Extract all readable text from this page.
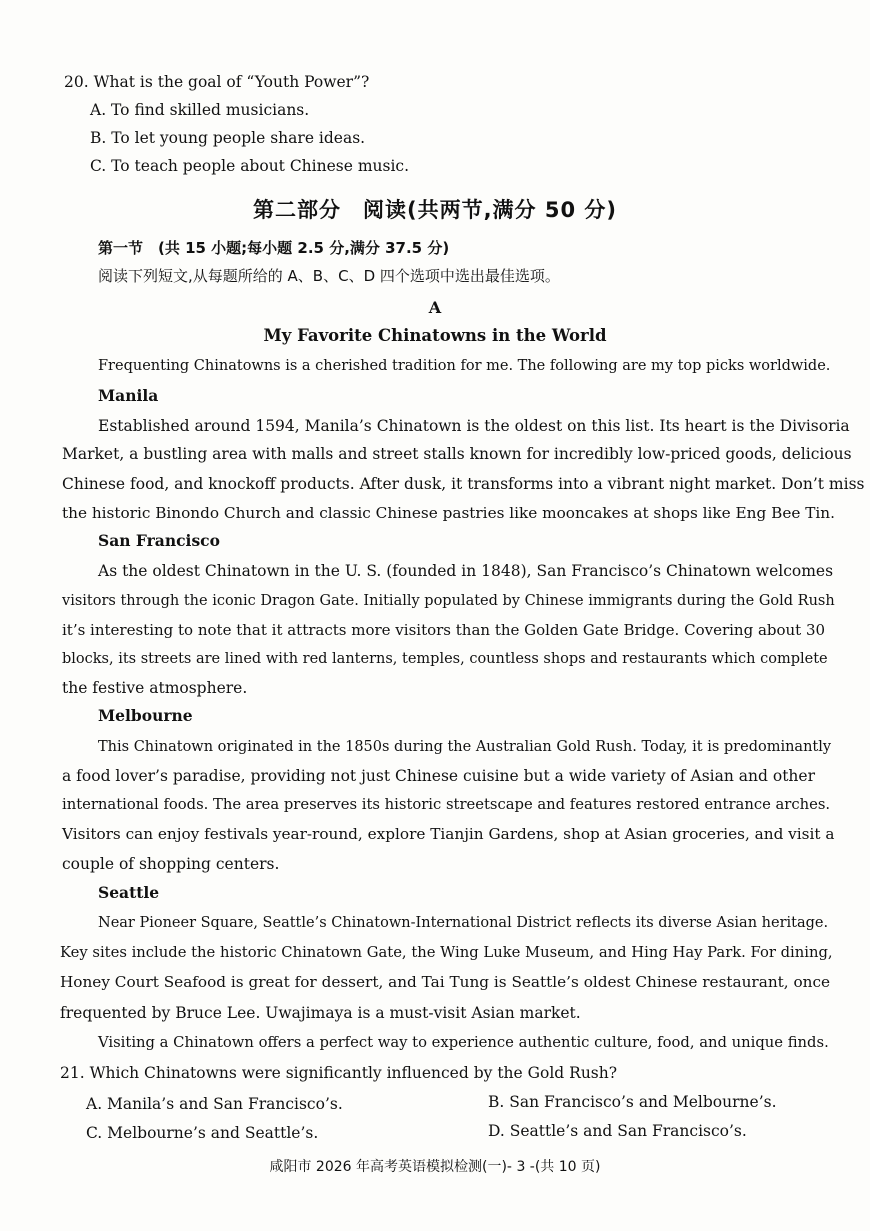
20. What is the goal of “Youth Power”?
A. To find skilled musicians.
B. To let young people share ideas.
C. To teach people about Chinese music.
第二部分　阅读(共两节,满分 50 分)
第一节　(共 15 小题;每小题 2.5 分,满分 37.5 分)
阅读下列短文,从每题所给的 A、B、C、D 四个选项中选出最佳选项。
A
My Favorite Chinatowns in the World
Frequenting Chinatowns is a cherished tradition for me. The following are my top picks worldwide.
Manila
Established around 1594, Manila’s Chinatown is the oldest on this list. Its heart is the Divisoria
Market, a bustling area with malls and street stalls known for incredibly low-priced goods, delicious
Chinese food, and knockoff products. After dusk, it transforms into a vibrant night market. Don’t miss
the historic Binondo Church and classic Chinese pastries like mooncakes at shops like Eng Bee Tin.
San Francisco
As the oldest Chinatown in the U. S. (founded in 1848), San Francisco’s Chinatown welcomes
visitors through the iconic Dragon Gate. Initially populated by Chinese immigrants during the Gold Rush
it’s interesting to note that it attracts more visitors than the Golden Gate Bridge. Covering about 30
blocks, its streets are lined with red lanterns, temples, countless shops and restaurants which complete
the festive atmosphere.
Melbourne
This Chinatown originated in the 1850s during the Australian Gold Rush. Today, it is predominantly
a food lover’s paradise, providing not just Chinese cuisine but a wide variety of Asian and other
international foods. The area preserves its historic streetscape and features restored entrance arches.
Visitors can enjoy festivals year-round, explore Tianjin Gardens, shop at Asian groceries, and visit a
couple of shopping centers.
Seattle
Near Pioneer Square, Seattle’s Chinatown-International District reflects its diverse Asian heritage.
Key sites include the historic Chinatown Gate, the Wing Luke Museum, and Hing Hay Park. For dining,
Honey Court Seafood is great for dessert, and Tai Tung is Seattle’s oldest Chinese restaurant, once
frequented by Bruce Lee. Uwajimaya is a must-visit Asian market.
Visiting a Chinatown offers a perfect way to experience authentic culture, food, and unique finds.
21. Which Chinatowns were significantly influenced by the Gold Rush?
A. Manila’s and San Francisco’s.	B. San Francisco’s and Melbourne’s.
C. Melbourne’s and Seattle’s.	D. Seattle’s and San Francisco’s.
咸阳市 2026 年高考英语模拟检测(一)- 3 -(共 10 页)
